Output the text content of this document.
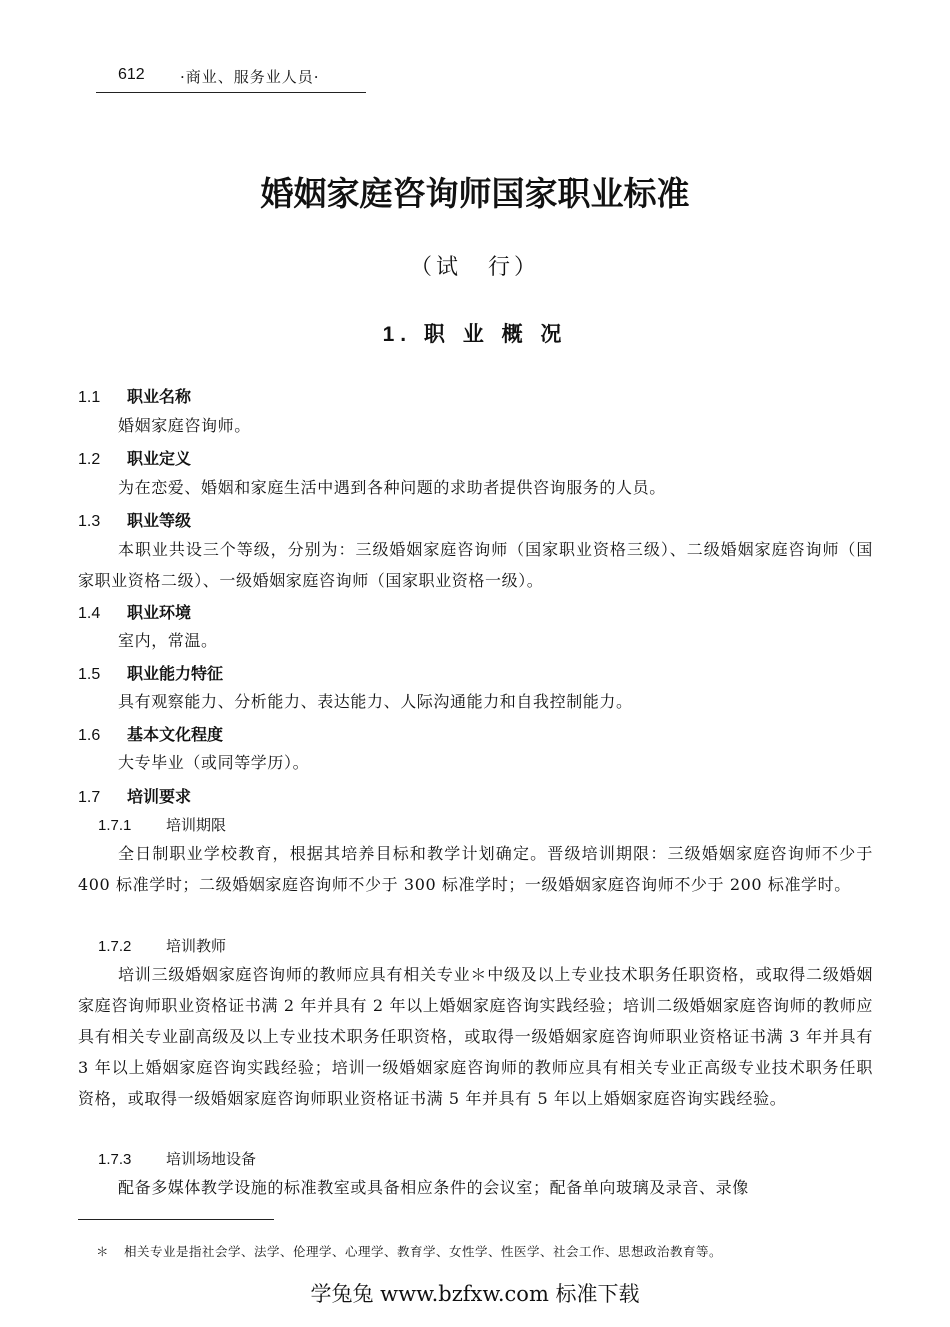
612 ·商业、服务业人员·
婚姻家庭咨询师国家职业标准
（试　行）
1. 职 业 概 况
1.1 职业名称
婚姻家庭咨询师。
1.2 职业定义
为在恋爱、婚姻和家庭生活中遇到各种问题的求助者提供咨询服务的人员。
1.3 职业等级
本职业共设三个等级，分别为：三级婚姻家庭咨询师（国家职业资格三级）、二级婚姻家庭咨询师（国家职业资格二级）、一级婚姻家庭咨询师（国家职业资格一级）。
1.4 职业环境
室内，常温。
1.5 职业能力特征
具有观察能力、分析能力、表达能力、人际沟通能力和自我控制能力。
1.6 基本文化程度
大专毕业（或同等学历）。
1.7 培训要求
1.7.1 培训期限
全日制职业学校教育，根据其培养目标和教学计划确定。晋级培训期限：三级婚姻家庭咨询师不少于 400 标准学时；二级婚姻家庭咨询师不少于 300 标准学时；一级婚姻家庭咨询师不少于 200 标准学时。
1.7.2 培训教师
培训三级婚姻家庭咨询师的教师应具有相关专业＊中级及以上专业技术职务任职资格，或取得二级婚姻家庭咨询师职业资格证书满 2 年并具有 2 年以上婚姻家庭咨询实践经验；培训二级婚姻家庭咨询师的教师应具有相关专业副高级及以上专业技术职务任职资格，或取得一级婚姻家庭咨询师职业资格证书满 3 年并具有 3 年以上婚姻家庭咨询实践经验；培训一级婚姻家庭咨询师的教师应具有相关专业正高级专业技术职务任职资格，或取得一级婚姻家庭咨询师职业资格证书满 5 年并具有 5 年以上婚姻家庭咨询实践经验。
1.7.3 培训场地设备
配备多媒体教学设施的标准教室或具备相应条件的会议室；配备单向玻璃及录音、录像
＊ 相关专业是指社会学、法学、伦理学、心理学、教育学、女性学、性医学、社会工作、思想政治教育等。
学兔兔 www.bzfxw.com 标准下载
